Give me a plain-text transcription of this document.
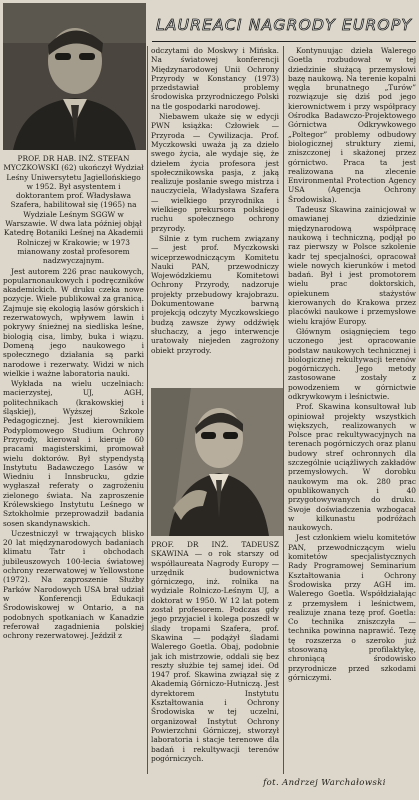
LAUREACI NAGRODY EUROPY

PROF. DR HAB. INŻ. STEFAN MYCZKOWSKI (62) ukończył Wydział Leśny Uniwersytetu Jagiellońskiego w 1952. Był asystentem i doktorantem prof. Władysława Szafera, habilitował się (1965) na Wydziale Leśnym SGGW w Warszawie. W dwa lata później objął Katedrę Botaniki Leśnej na Akademii Rolniczej w Krakowie; w 1973 mianowany został profesorem nadzwyczajnym.

Jest autorem 226 prac naukowych, popularnonaukowych i podręczników akademickich. W druku czeka nowe pozycje. Wiele publikował za granicą. Zajmuje się ekologią lasów górskich i rezerwatowych, wpływem lawin i pokrywy śnieżnej na siedliska leśne, biologią cisa, limby, buka i wiązu. Domeną jego naukowego i społecznego działania są parki narodowe i rezerwaty. Widzi w nich wielkie i ważne laboratoria nauki.

Wykłada na wielu uczelniach: macierzystej, UJ, AGH, politechnikach (krakowskiej i śląskiej), Wyższej Szkole Pedagogicznej. Jest kierownikiem Podyplomowego Studium Ochrony Przyrody, kierował i kieruje 60 pracami magisterskimi, promował wielu doktorów. Był stypendystą Instytutu Badawczego Lasów w Wiedniu i Innsbrucku, gdzie wygłaszał referaty o zagrożeniu zielonego świata. Na zaproszenie Królewskiego Instytutu Leśnego w Sztokholmie przeprowadził badania sosen skandynawskich.

Uczestniczył w trwających blisko 20 lat międzynarodowych badaniach klimatu Tatr i obchodach jubileuszowych 100-lecia światowej ochrony rezerwatowej w Yellowstone (1972). Na zaproszenie Służby Parków Narodowych USA brał udział w Konferencji Edukacji Środowiskowej w Ontario, a na podobnych spotkaniach w Kanadzie referował zagadnienia polskiej ochrony rezerwatowej. Jeździł z

odczytami do Moskwy i Mińska. Na światowej konferencji Międzynarodowej Unii Ochrony Przyrody w Konstancy (1973) przedstawiał problemy środowiska przyrodniczego Polski na tle gospodarki narodowej.

Niebawem ukaże się w edycji PWN książka: Człowiek — Przyroda — Cywilizacja. Prof. Myczkowski uważa ją za dzieło swego życia, ale wydaje się, że dziełem życia profesora jest społecznikowska pasja, z jaką realizuje posłanie swego mistrza i nauczyciela, Władysława Szafera — wielkiego przyrodnika i wielkiego prekursora polskiego ruchu społecznego ochrony przyrody.

Silnie z tym ruchem związany — jest prof. Myczkowski wiceprzewodniczącym Komitetu Nauki PAN, przewodniczy Wojewódzkiemu Komitetowi Ochrony Przyrody, nadzoruje projekty przebudowy krajobrazu. Dokumentowane barwną projekcją odczyty Myczkowskiego budzą zawsze żywy oddźwięk słuchaczy, a jego interwencje uratowały niejeden zagrożony obiekt przyrody.

PROF. DR INŻ. TADEUSZ SKAWINA — o rok starszy od współlaureata Nagrody Europy — urzędnik budownictwa górniczego, inż. rolnika na wydziale Rolniczo-Leśnym UJ, a doktorat w 1950. W 12 lat potem został profesorem. Podczas gdy jego przyjaciel i kolega poszedł w ślady tropami Szafera, prof. Skawina — podążył śladami Walerego Goetla. Obaj, podobnie jak ich mistrzowie, oddali się bez reszty służbie tej samej idei. Od 1947 prof. Skawina związał się z Akademią Górniczo-Hutniczą. Jest dyrektorem Instytutu Kształtowania i Ochrony Środowiska w tej uczelni, organizował Instytut Ochrony Powierzchni Górniczej, stworzył laboratoria i stacje terenowe dla badań i rekultywacji terenów pogórniczych.

Kontynuując dzieła Walerego Goetla rozbudował w tej dziedzinie służącą przemysłowi bazę naukową. Na terenie kopalni węgla brunatnego „Turów” rozwiązuje się dziś pod jego kierownictwem i przy współpracy Ośrodka Badawczo-Projektowego Górnictwa Odkrywkowego „Poltegor” problemy odbudowy biologicznej struktury ziemi, zniszczonej i skażonej przez górnictwo. Praca ta jest realizowana na zlecenie Environmental Protection Agency USA (Agencja Ochrony Środowiska).

Tadeusz Skawina zainicjował w omawianej dziedzinie międzynarodową współpracę naukową i techniczną, podjął po raz pierwszy w Polsce szkolenie kadr tej specjalności, opracował wiele nowych kierunków i metod badań. Był i jest promotorem wielu prac doktorskich, opiekunem stażystów kierowanych do Krakowa przez placówki naukowe i przemysłowe wielu krajów Europy.

Głównym osiągnięciem tego uczonego jest opracowanie podstaw naukowych technicznej i biologicznej rekultywacji terenów pogórniczych. Jego metody zastosowane zostały z powodzeniem w górnictwie odkrywkowym i leśnictwie.

Prof. Skawina konsultował lub opiniował projekty wszystkich większych, realizowanych w Polsce prac rekultywacyjnych na terenach pogórniczych oraz planu budowy stref ochronnych dla szczególnie uciążliwych zakładów przemysłowych. W dorobku naukowym ma ok. 280 prac opublikowanych i 40 przygotowywanych do druku. Swoje doświadczenia wzbogacał w kilkunastu podróżach naukowych.

Jest członkiem wielu komitetów PAN, przewodniczącym wielu komitetów specjalistycznych Rady Programowej Seminarium Kształtowania i Ochrony Środowiska przy AGH im. Walerego Goetla. Współdziałając z przemysłem i leśnictwem, realizuje znana tezę prof. Goetla: Co technika zniszczyła — technika powinna naprawić. Tezę tę rozszerza o szeroko już stosowaną profilaktykę, chroniącą środowisko przyrodnicze przed szkodami górniczymi.

fot. Andrzej Warchałowski
